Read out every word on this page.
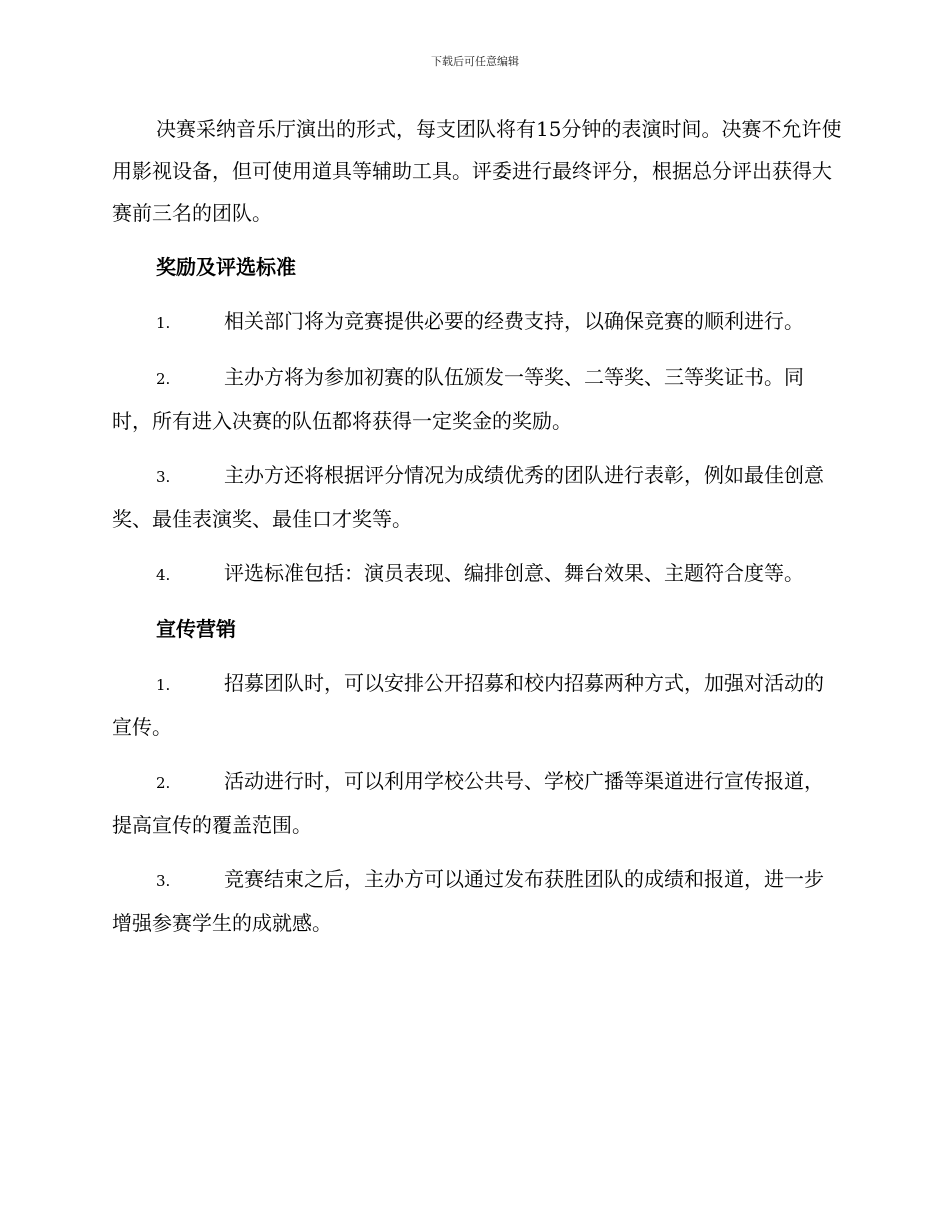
下载后可任意编辑

决赛采纳音乐厅演出的形式，每支团队将有15分钟的表演时间。决赛不允许使用影视设备，但可使用道具等辅助工具。评委进行最终评分，根据总分评出获得大赛前三名的团队。

奖励及评选标准

1.	相关部门将为竞赛提供必要的经费支持，以确保竞赛的顺利进行。

2.	主办方将为参加初赛的队伍颁发一等奖、二等奖、三等奖证书。同时，所有进入决赛的队伍都将获得一定奖金的奖励。

3.	主办方还将根据评分情况为成绩优秀的团队进行表彰，例如最佳创意奖、最佳表演奖、最佳口才奖等。

4.	评选标准包括：演员表现、编排创意、舞台效果、主题符合度等。

宣传营销

1.	招募团队时，可以安排公开招募和校内招募两种方式，加强对活动的宣传。

2.	活动进行时，可以利用学校公共号、学校广播等渠道进行宣传报道，提高宣传的覆盖范围。

3.	竞赛结束之后，主办方可以通过发布获胜团队的成绩和报道，进一步增强参赛学生的成就感。
